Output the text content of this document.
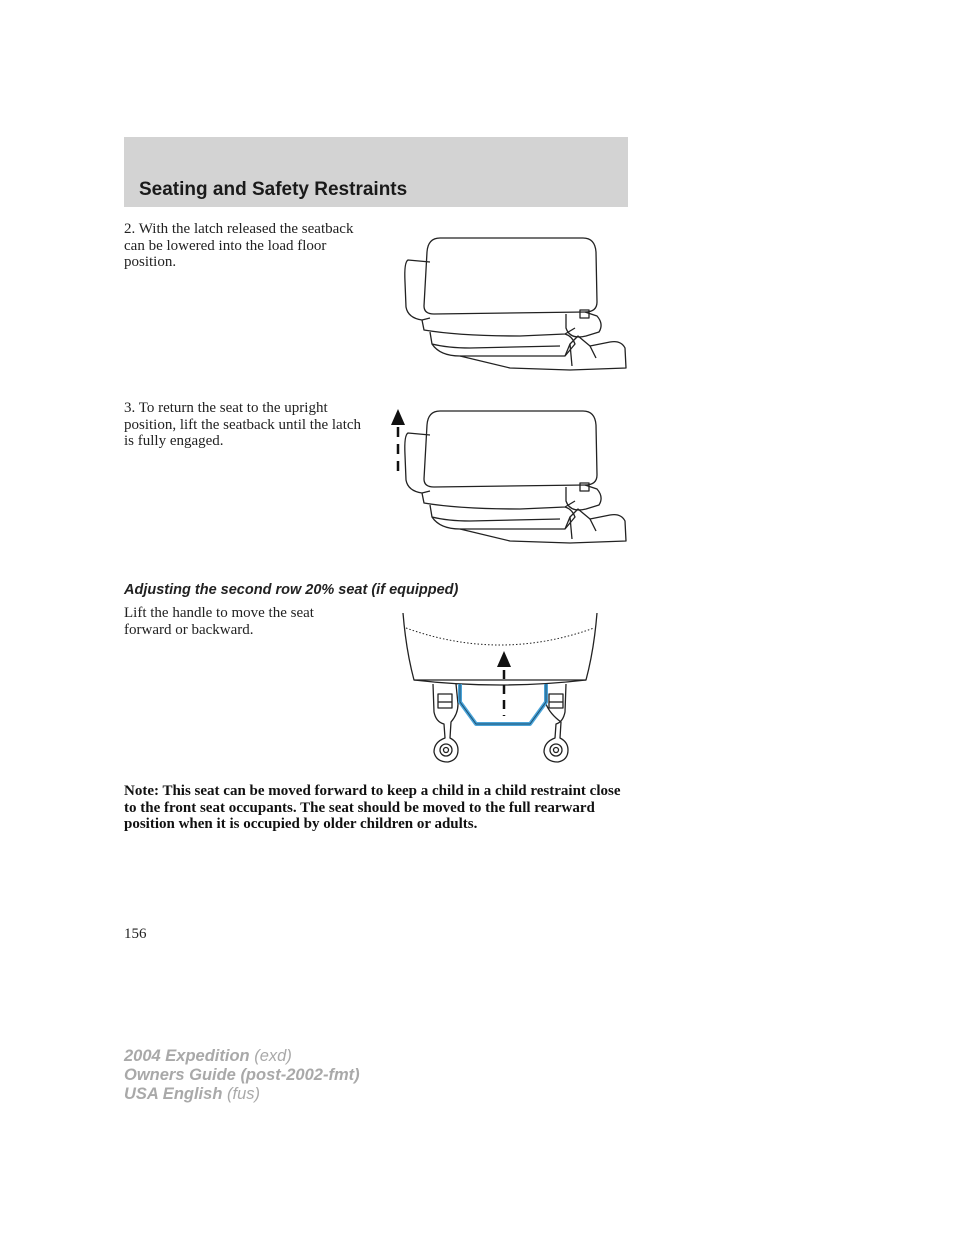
Seating and Safety Restraints

2. With the latch released the seatback can be lowered into the load floor position.

3. To return the seat to the upright position, lift the seatback until the latch is fully engaged.

Adjusting the second row 20% seat (if equipped)

Lift the handle to move the seat forward or backward.

Note: This seat can be moved forward to keep a child in a child restraint close to the front seat occupants. The seat should be moved to the full rearward position when it is occupied by older children or adults.

156
2004 Expedition (exd)
Owners Guide (post-2002-fmt)
USA English (fus)
